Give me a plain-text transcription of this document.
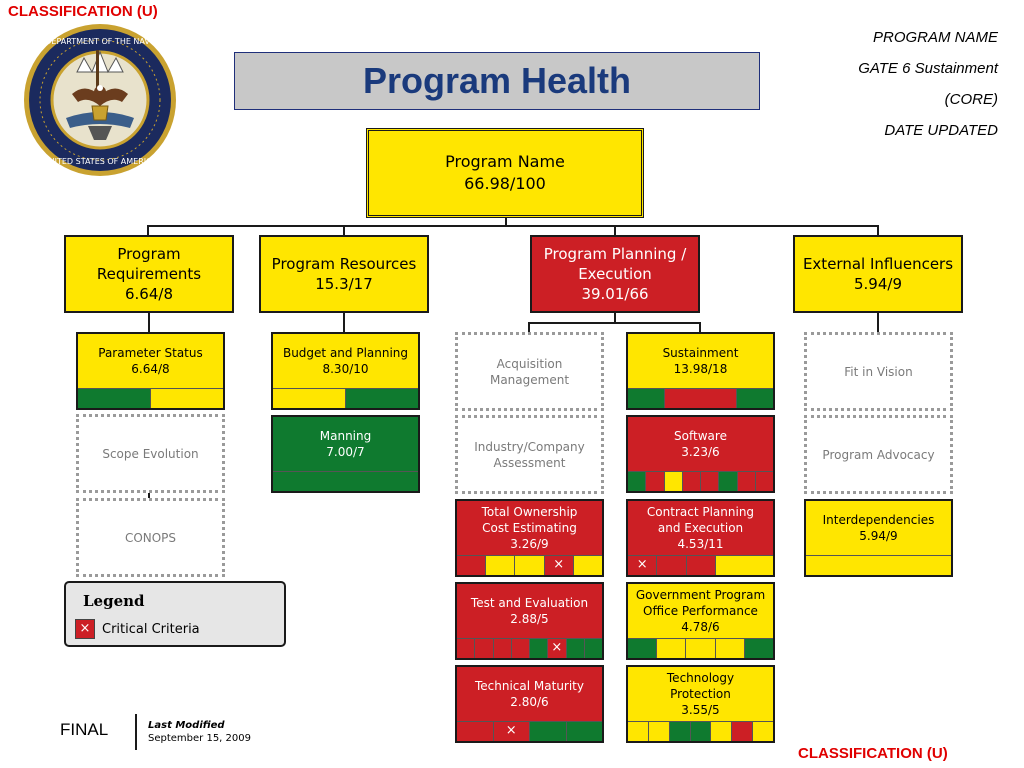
CLASSIFICATION (U)
CLASSIFICATION (U)
DEPARTMENT OF THE NAVY
UNITED STATES OF AMERICA
Program Health
PROGRAM NAME
GATE 6 Sustainment
(CORE)
DATE UPDATED
Program Name
66.98/100
Program Requirements
6.64/8
Program Resources
15.3/17
Program Planning / Execution
39.01/66
External Influencers
5.94/9
Parameter Status
6.64/8
Scope Evolution
CONOPS
Budget and Planning
8.30/10
Manning
7.00/7
Acquisition Management
Industry/Company Assessment
Total Ownership Cost Estimating
3.26/9
×
Test and Evaluation
2.88/5
×
Technical Maturity
2.80/6
×
Sustainment
13.98/18
Software
3.23/6
Contract Planning and Execution
4.53/11
×
Government Program Office Performance
4.78/6
Technology Protection
3.55/5
Fit in Vision
Program Advocacy
Interdependencies
5.94/9
Legend
× Critical Criteria
FINAL	Last Modified
September 15, 2009
